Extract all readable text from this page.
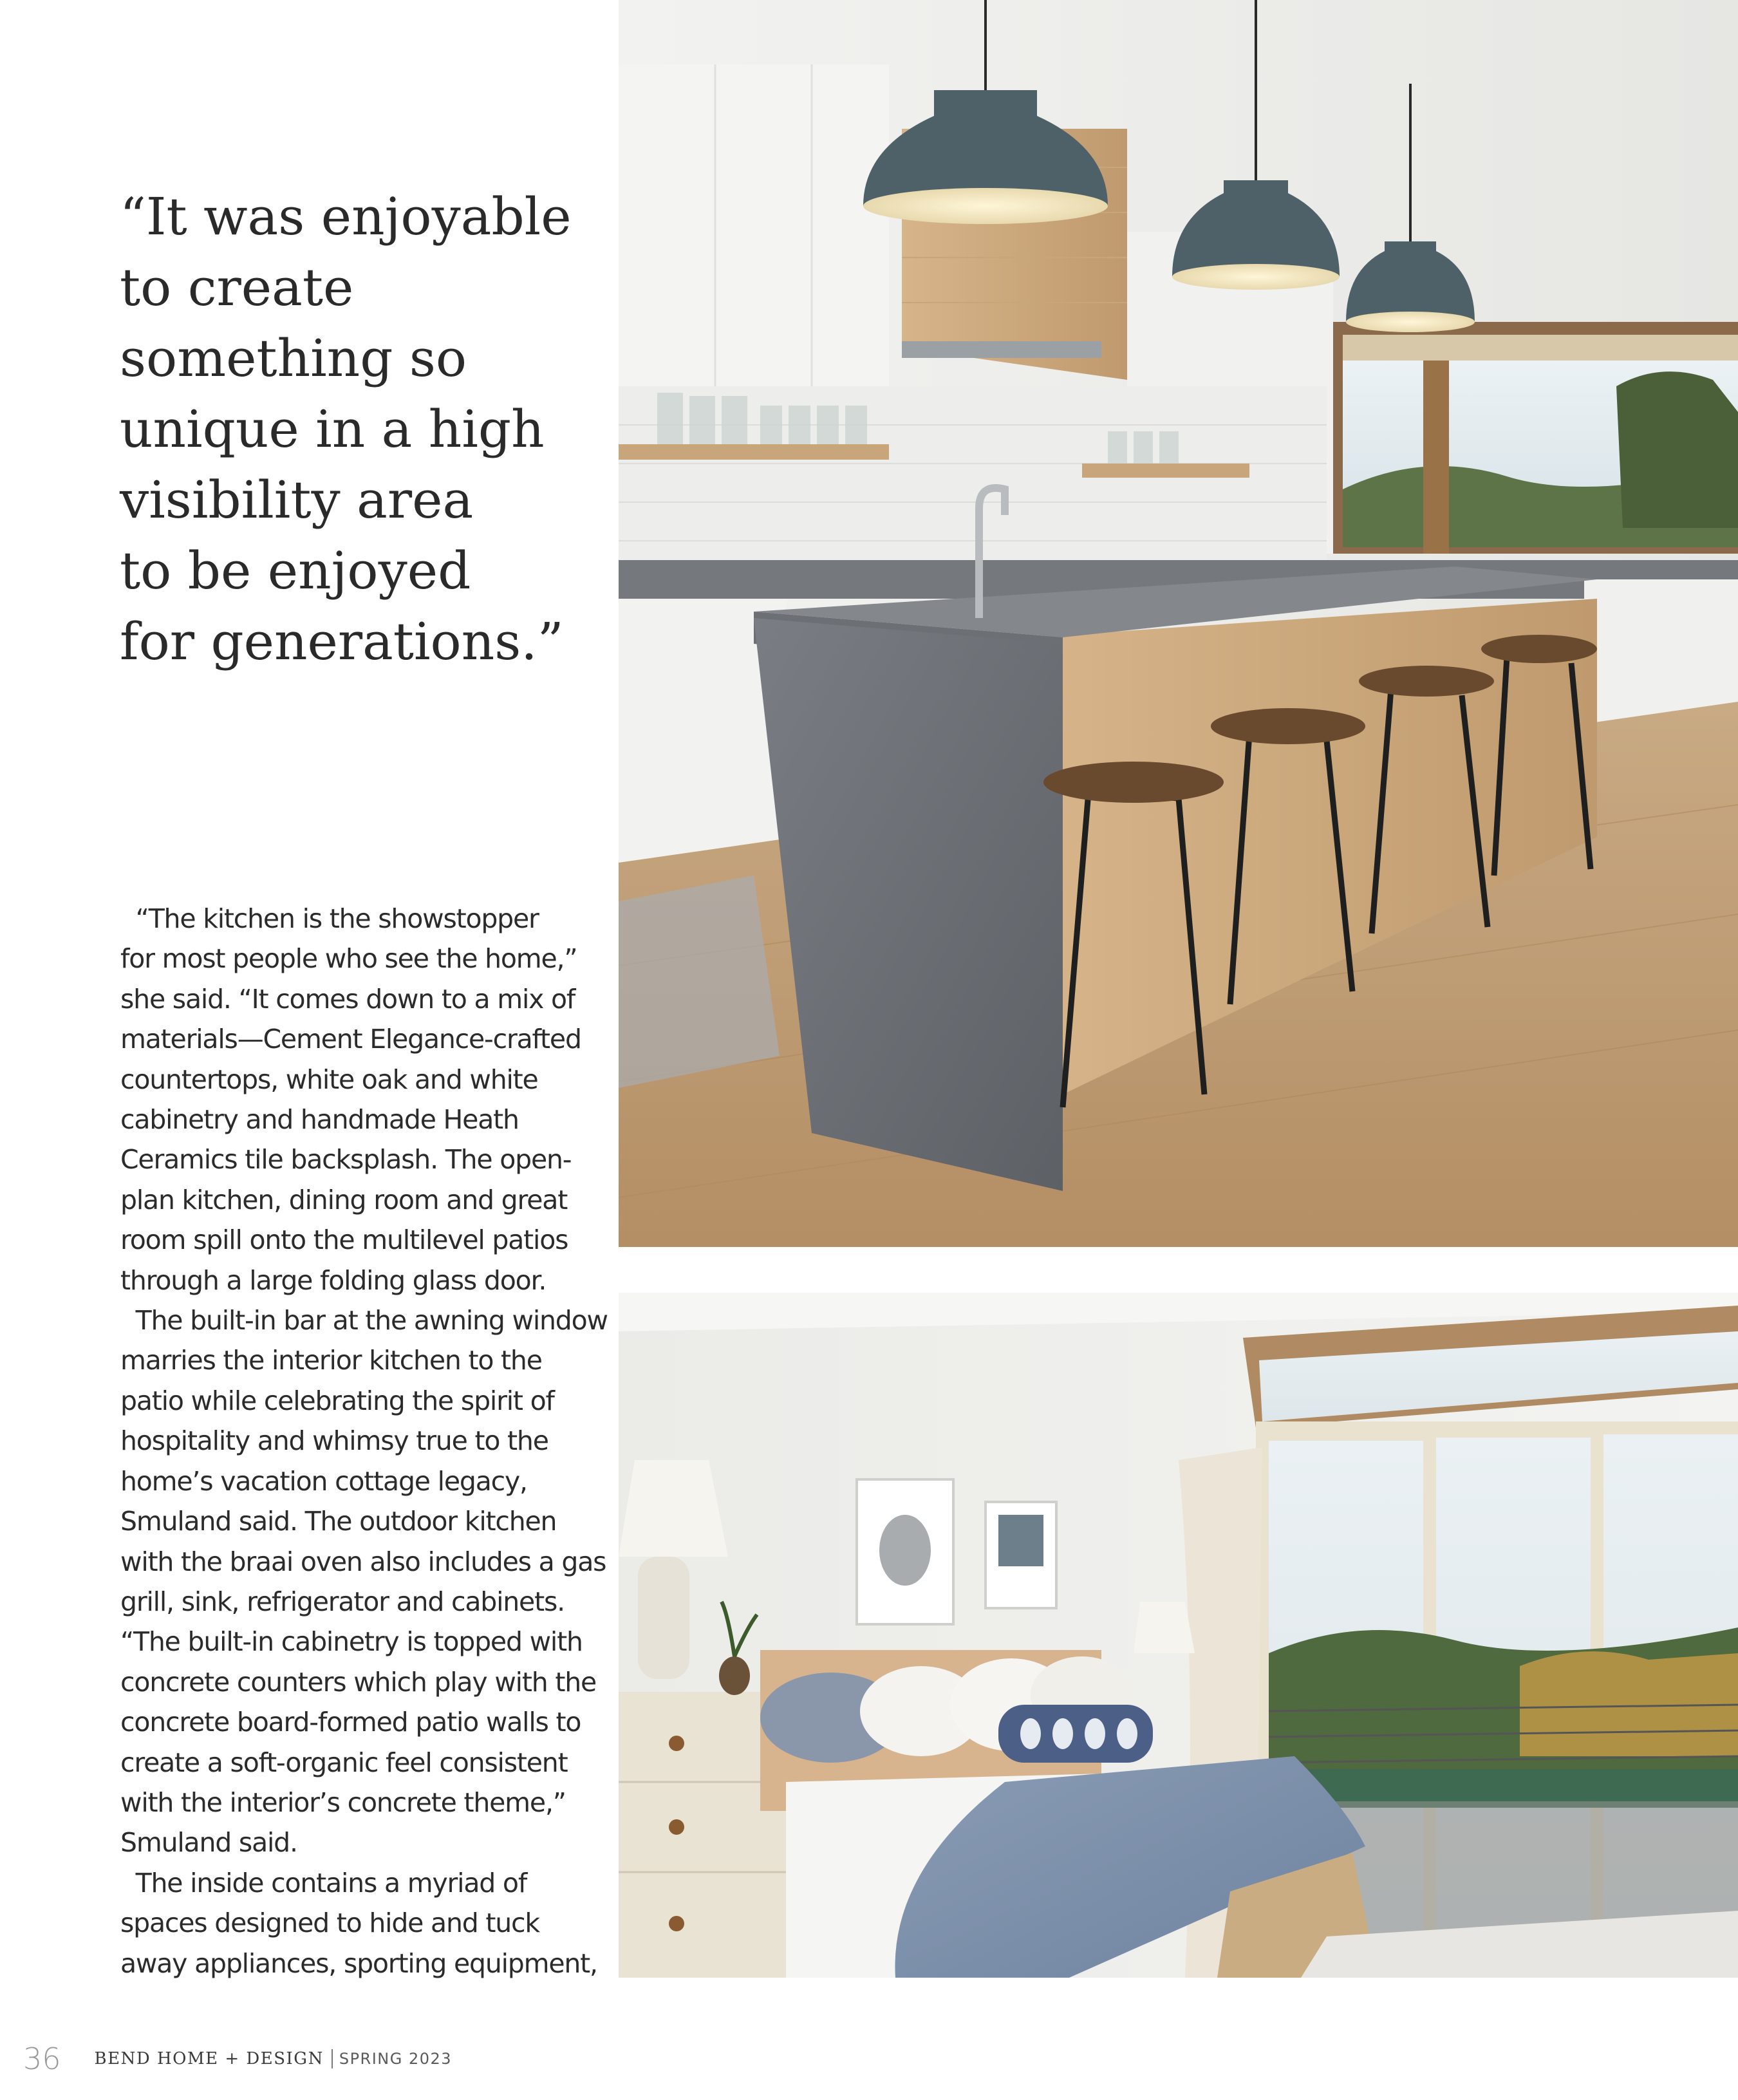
“It was enjoyable
to create
something so
unique in a high
visibility area
to be enjoyed
for generations.”
“The kitchen is the showstopper
for most people who see the home,”
she said. “It comes down to a mix of
materials—Cement Elegance-crafted
countertops, white oak and white
cabinetry and handmade Heath
Ceramics tile backsplash. The open-
plan kitchen, dining room and great
room spill onto the multilevel patios
through a large folding glass door.
The built-in bar at the awning window
marries the interior kitchen to the
patio while celebrating the spirit of
hospitality and whimsy true to the
home’s vacation cottage legacy,
Smuland said. The outdoor kitchen
with the braai oven also includes a gas
grill, sink, refrigerator and cabinets.
“The built-in cabinetry is topped with
concrete counters which play with the
concrete board-formed patio walls to
create a soft-organic feel consistent
with the interior’s concrete theme,”
Smuland said.
The inside contains a myriad of
spaces designed to hide and tuck
away appliances, sporting equipment,
36 BEND HOME + DESIGN SPRING 2023
